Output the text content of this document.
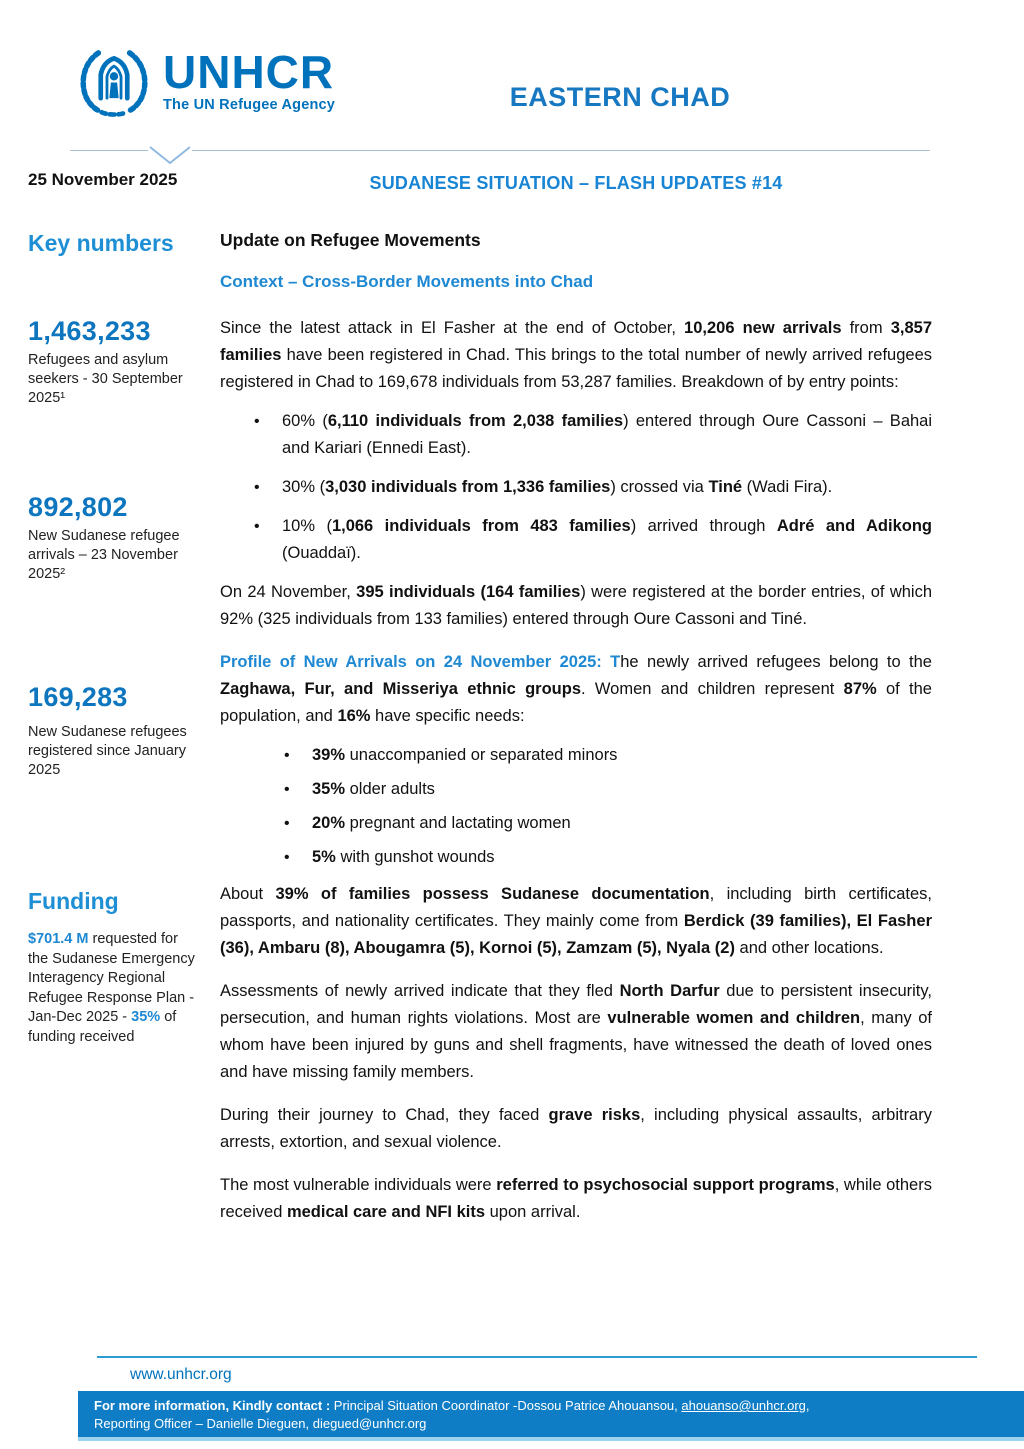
UNHCR
The UN Refugee Agency	EASTERN CHAD
25 November 2025	SUDANESE SITUATION – FLASH UPDATES #14
Key numbers
1,463,233
Refugees and asylum seekers - 30 September 2025¹
892,802
New Sudanese refugee arrivals – 23 November 2025²
169,283
New Sudanese refugees registered since January 2025
Funding
$701.4 M requested for the Sudanese Emergency Interagency Regional Refugee Response Plan - Jan-Dec 2025 - 35% of funding received
Update on Refugee Movements
Context – Cross-Border Movements into Chad

Since the latest attack in El Fasher at the end of October, 10,206 new arrivals from 3,857 families have been registered in Chad. This brings to the total number of newly arrived refugees registered in Chad to 169,678 individuals from 53,287 families. Breakdown of by entry points:

• 60% (6,110 individuals from 2,038 families) entered through Oure Cassoni – Bahai and Kariari (Ennedi East).
• 30% (3,030 individuals from 1,336 families) crossed via Tiné (Wadi Fira).
• 10% (1,066 individuals from 483 families) arrived through Adré and Adikong (Ouaddaï).

On 24 November, 395 individuals (164 families) were registered at the border entries, of which 92% (325 individuals from 133 families) entered through Oure Cassoni and Tiné.

Profile of New Arrivals on 24 November 2025: The newly arrived refugees belong to the Zaghawa, Fur, and Misseriya ethnic groups. Women and children represent 87% of the population, and 16% have specific needs:

• 39% unaccompanied or separated minors
• 35% older adults
• 20% pregnant and lactating women
• 5% with gunshot wounds

About 39% of families possess Sudanese documentation, including birth certificates, passports, and nationality certificates. They mainly come from Berdick (39 families), El Fasher (36), Ambaru (8), Abougamra (5), Kornoi (5), Zamzam (5), Nyala (2) and other locations.

Assessments of newly arrived indicate that they fled North Darfur due to persistent insecurity, persecution, and human rights violations. Most are vulnerable women and children, many of whom have been injured by guns and shell fragments, have witnessed the death of loved ones and have missing family members.

During their journey to Chad, they faced grave risks, including physical assaults, arbitrary arrests, extortion, and sexual violence.

The most vulnerable individuals were referred to psychosocial support programs, while others received medical care and NFI kits upon arrival.

www.unhcr.org
For more information, Kindly contact : Principal Situation Coordinator -Dossou Patrice Ahouansou, ahouanso@unhcr.org,
Reporting Officer – Danielle Dieguen, diegued@unhcr.org
